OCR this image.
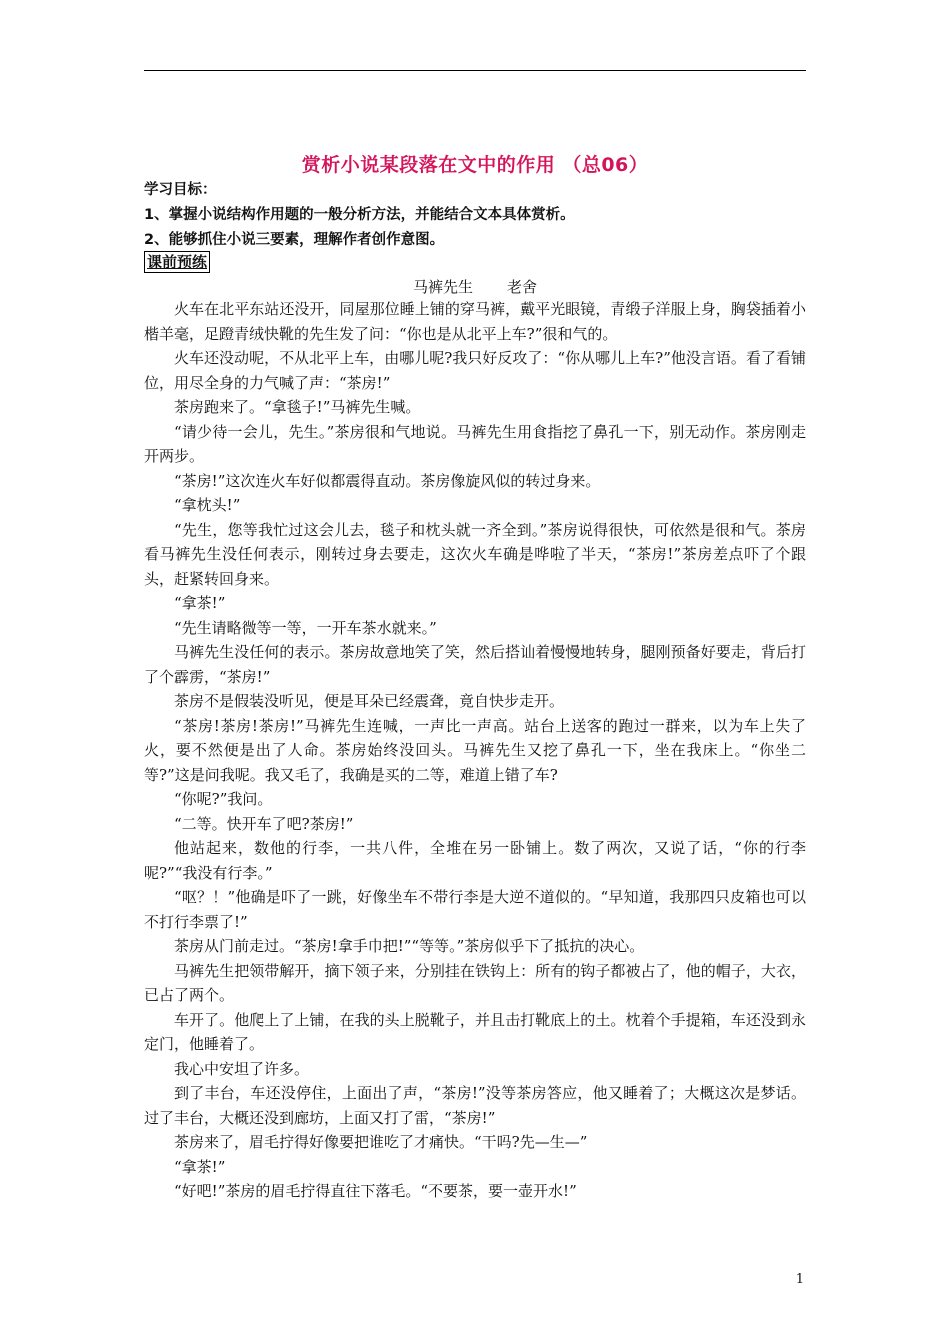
赏析小说某段落在文中的作用 （总06）
学习目标：
1、掌握小说结构作用题的一般分析方法，并能结合文本具体赏析。
2、能够抓住小说三要素，理解作者创作意图。
课前预练
马裤先生 老舍

火车在北平东站还没开，同屋那位睡上铺的穿马裤，戴平光眼镜，青缎子洋服上身，胸袋插着小楷羊毫，足蹬青绒快靴的先生发了问：“你也是从北平上车?”很和气的。

火车还没动呢，不从北平上车，由哪儿呢?我只好反攻了：“你从哪儿上车?”他没言语。看了看铺位，用尽全身的力气喊了声：“茶房!”

茶房跑来了。“拿毯子!”马裤先生喊。

“请少待一会儿，先生。”茶房很和气地说。马裤先生用食指挖了鼻孔一下，别无动作。茶房刚走开两步。

“茶房!”这次连火车好似都震得直动。茶房像旋风似的转过身来。

“拿枕头!”

“先生，您等我忙过这会儿去，毯子和枕头就一齐全到。”茶房说得很快，可依然是很和气。茶房看马裤先生没任何表示，刚转过身去要走，这次火车确是哗啦了半天，“茶房!”茶房差点吓了个跟头，赶紧转回身来。

“拿茶!”

“先生请略微等一等，一开车茶水就来。”

马裤先生没任何的表示。茶房故意地笑了笑，然后搭讪着慢慢地转身，腿刚预备好要走，背后打了个霹雳，“茶房!”

茶房不是假装没听见，便是耳朵已经震聋，竟自快步走开。

“茶房!茶房!茶房!”马裤先生连喊，一声比一声高。站台上送客的跑过一群来，以为车上失了火，要不然便是出了人命。茶房始终没回头。马裤先生又挖了鼻孔一下，坐在我床上。“你坐二等?”这是问我呢。我又毛了，我确是买的二等，难道上错了车?

“你呢?”我问。

“二等。快开车了吧?茶房!”

他站起来，数他的行李，一共八件，全堆在另一卧铺上。数了两次，又说了话，“你的行李呢?”“我没有行李。”

“呕？！”他确是吓了一跳，好像坐车不带行李是大逆不道似的。“早知道，我那四只皮箱也可以不打行李票了!”

茶房从门前走过。“茶房!拿手巾把!”“等等。”茶房似乎下了抵抗的决心。

马裤先生把领带解开，摘下领子来，分别挂在铁钩上：所有的钩子都被占了，他的帽子，大衣，已占了两个。

车开了。他爬上了上铺，在我的头上脱靴子，并且击打靴底上的土。枕着个手提箱，车还没到永定门，他睡着了。

我心中安坦了许多。

到了丰台，车还没停住，上面出了声，“茶房!”没等茶房答应，他又睡着了；大概这次是梦话。过了丰台，大概还没到廊坊，上面又打了雷，“茶房!”

茶房来了，眉毛拧得好像要把谁吃了才痛快。“干吗?先—生—”

“拿茶!”

“好吧!”茶房的眉毛拧得直往下落毛。“不要茶，要一壶开水!”

1
